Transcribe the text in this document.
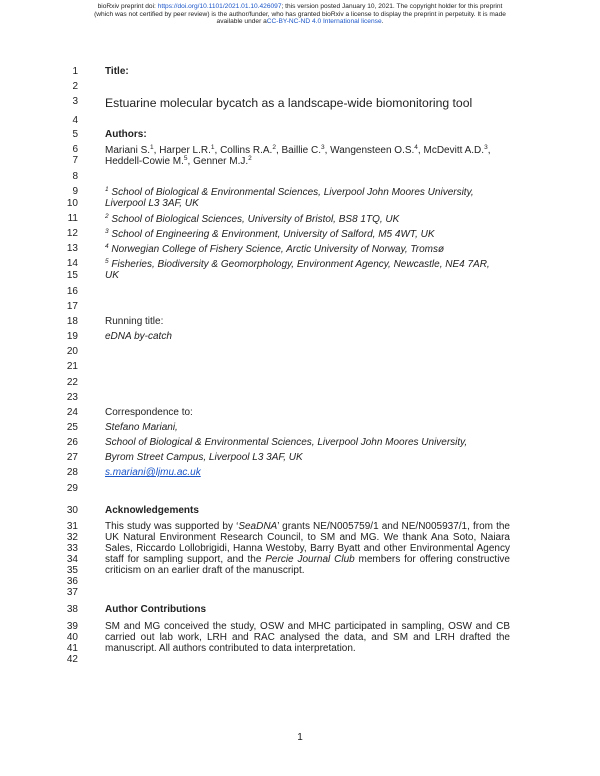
bioRxiv preprint doi: https://doi.org/10.1101/2021.01.10.426097; this version posted January 10, 2021. The copyright holder for this preprint
(which was not certified by peer review) is the author/funder, who has granted bioRxiv a license to display the preprint in perpetuity. It is made
available under aCC-BY-NC-ND 4.0 International license.
1
2
3
4
5
6
7
8
9
10
11
12
13
14
15
16
17
18
19
20
21
22
23
24
25
26
27
28
29
30
31
32
33
34
35
36
37
38
39
40
41
42
Title:
Estuarine molecular bycatch as a landscape-wide biomonitoring tool
Authors:
Mariani S.$^1$, Harper L.R.$^1$, Collins R.A.$^2$, Baillie C.$^3$, Wangensteen O.S.$^4$, McDevitt A.D.$^3$,
Heddell-Cowie M.$^5$, Genner M.J.$^2$
$^1$ School of Biological & Environmental Sciences, Liverpool John Moores University,
Liverpool L3 3AF, UK
$^2$ School of Biological Sciences, University of Bristol, BS8 1TQ, UK
$^3$ School of Engineering & Environment, University of Salford, M5 4WT, UK
$^4$ Norwegian College of Fishery Science, Arctic University of Norway, Tromsø
$^5$ Fisheries, Biodiversity & Geomorphology, Environment Agency, Newcastle, NE4 7AR,
UK
Running title:
eDNA by-catch
Correspondence to:
Stefano Mariani,
School of Biological & Environmental Sciences, Liverpool John Moores University,
Byrom Street Campus, Liverpool L3 3AF, UK
s.mariani@ljmu.ac.uk
Acknowledgements
This study was supported by ‘SeaDNA’ grants NE/N005759/1 and NE/N005937/1, from the UK Natural Environment Research Council, to SM and MG. We thank Ana Soto, Naiara Sales, Riccardo Lollobrigidi, Hanna Westoby, Barry Byatt and other Environmental Agency staff for sampling support, and the Percie Journal Club members for offering constructive criticism on an earlier draft of the manuscript.
Author Contributions
SM and MG conceived the study, OSW and MHC participated in sampling, OSW and CB carried out lab work, LRH and RAC analysed the data, and SM and LRH drafted the manuscript. All authors contributed to data interpretation.
1
